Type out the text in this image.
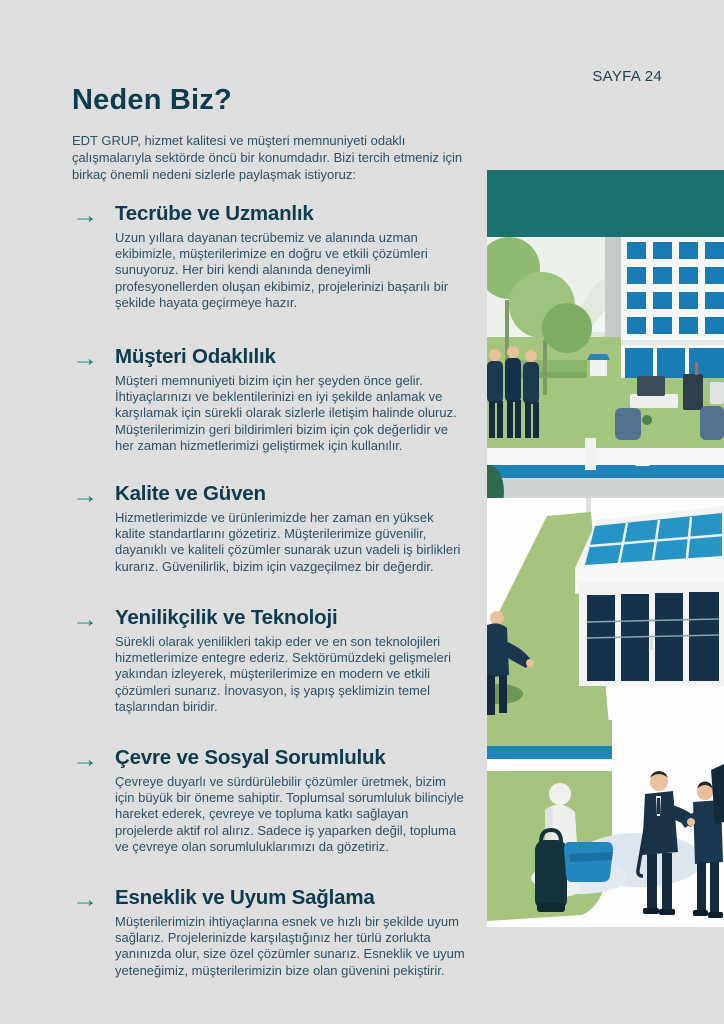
SAYFA 24
Neden Biz?

EDT GRUP, hizmet kalitesi ve müşteri memnuniyeti odaklı çalışmalarıyla sektörde öncü bir konumdadır. Bizi tercih etmeniz için birkaç önemli nedeni sizlerle paylaşmak istiyoruz:

→ Tecrübe ve Uzmanlık

Uzun yıllara dayanan tecrübemiz ve alanında uzman ekibimizle, müşterilerimize en doğru ve etkili çözümleri sunuyoruz. Her biri kendi alanında deneyimli profesyonellerden oluşan ekibimiz, projelerinizi başarılı bir şekilde hayata geçirmeye hazır.

→ Müşteri Odaklılık

Müşteri memnuniyeti bizim için her şeyden önce gelir. İhtiyaçlarınızı ve beklentilerinizi en iyi şekilde anlamak ve karşılamak için sürekli olarak sizlerle iletişim halinde oluruz. Müşterilerimizin geri bildirimleri bizim için çok değerlidir ve her zaman hizmetlerimizi geliştirmek için kullanılır.

→ Kalite ve Güven

Hizmetlerimizde ve ürünlerimizde her zaman en yüksek kalite standartlarını gözetiriz. Müşterilerimize güvenilir, dayanıklı ve kaliteli çözümler sunarak uzun vadeli iş birlikleri kurarız. Güvenilirlik, bizim için vazgeçilmez bir değerdir.

→ Yenilikçilik ve Teknoloji

Sürekli olarak yenilikleri takip eder ve en son teknolojileri hizmetlerimize entegre ederiz. Sektörümüzdeki gelişmeleri yakından izleyerek, müşterilerimize en modern ve etkili çözümleri sunarız. İnovasyon, iş yapış şeklimizin temel taşlarından biridir.

→ Çevre ve Sosyal Sorumluluk

Çevreye duyarlı ve sürdürülebilir çözümler üretmek, bizim için büyük bir öneme sahiptir. Toplumsal sorumluluk bilinciyle hareket ederek, çevreye ve topluma katkı sağlayan projelerde aktif rol alırız. Sadece iş yaparken değil, topluma ve çevreye olan sorumluluklarımızı da gözetiriz.

→ Esneklik ve Uyum Sağlama

Müşterilerimizin ihtiyaçlarına esnek ve hızlı bir şekilde uyum sağlarız. Projelerinizde karşılaştığınız her türlü zorlukta yanınızda olur, size özel çözümler sunarız. Esneklik ve uyum yeteneğimiz, müşterilerimizin bize olan güvenini pekiştirir.
